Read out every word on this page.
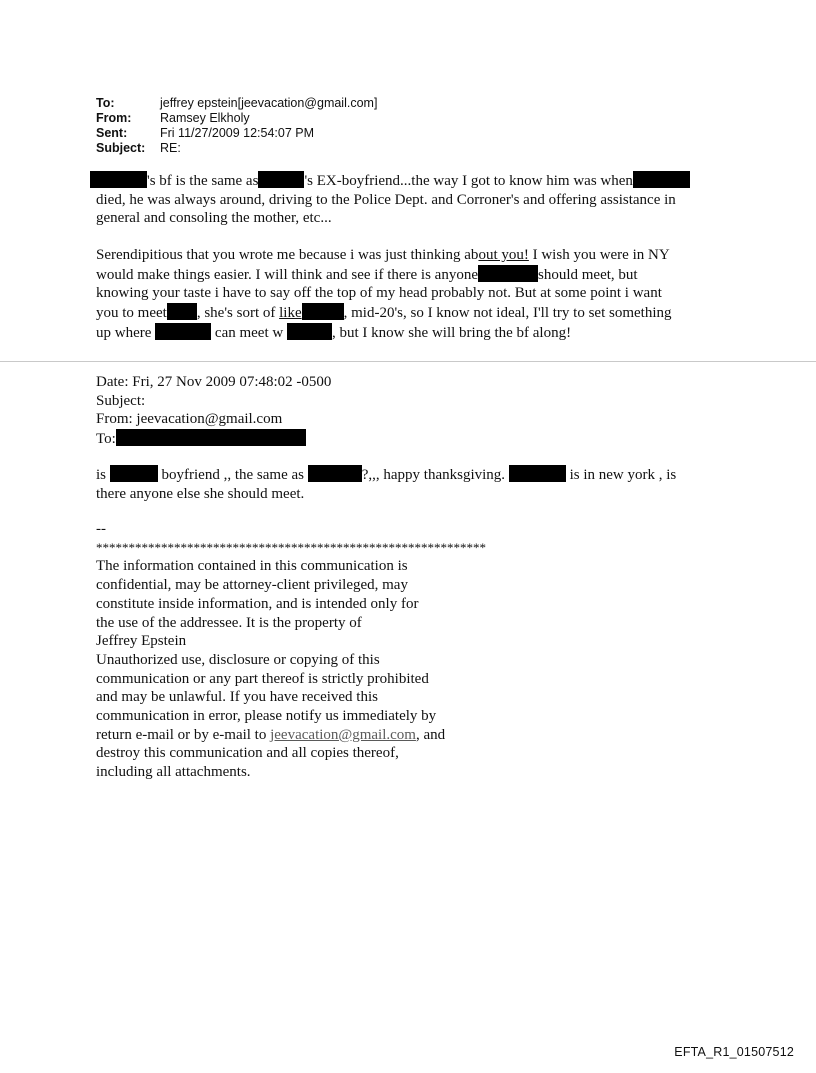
To:	jeffrey epstein[jeevacation@gmail.com]
From:	Ramsey Elkholy
Sent:	Fri 11/27/2009 12:54:07 PM
Subject:	RE:
's bf is the same as	's EX-boyfriend...the way I got to know him was when
died, he was always around, driving to the Police Dept. and Corroner's and offering assistance in
general and consoling the mother, etc...
Serendipitious that you wrote me because i was just thinking about you! I wish you were in NY
would make things easier. I will think and see if there is anyone	should meet, but
knowing your taste i have to say off the top of my head probably not. But at some point i want
you to meet , she's sort of like	, mid-20's, so I know not ideal, I'll try to set something
up where	can meet w	, but I know she will bring the bf along!
Date: Fri, 27 Nov 2009 07:48:02 -0500
Subject:
From: jeevacation@gmail.com
To:
is	boyfriend ,, the same as	?,,, happy thanksgiving.	is in new york , is
there anyone else she should meet.
--
************************************************************
The information contained in this communication is
confidential, may be attorney-client privileged, may
constitute inside information, and is intended only for
the use of the addressee. It is the property of
Jeffrey Epstein
Unauthorized use, disclosure or copying of this
communication or any part thereof is strictly prohibited
and may be unlawful. If you have received this
communication in error, please notify us immediately by
return e-mail or by e-mail to jeevacation@gmail.com, and
destroy this communication and all copies thereof,
including all attachments.
EFTA_R1_01507512
